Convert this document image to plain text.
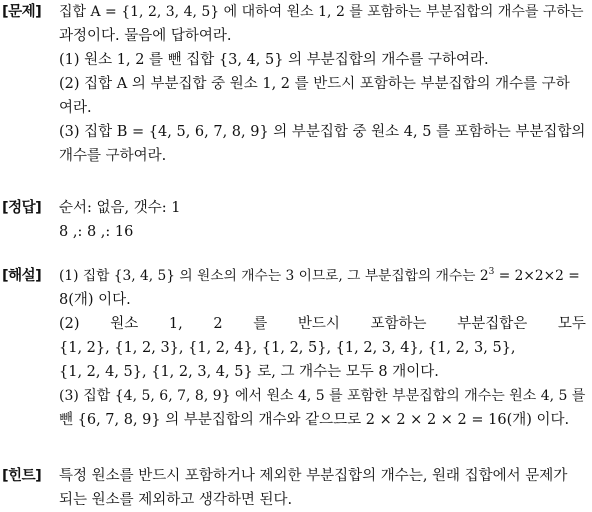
[문제] 집합 A = {1, 2, 3, 4, 5} 에 대하여 원소 1, 2 를 포함하는 부분집합의 개수를 구하는
과정이다. 물음에 답하여라.
(1) 원소 1, 2 를 뺀 집합 {3, 4, 5} 의 부분집합의 개수를 구하여라.
(2) 집합 A 의 부분집합 중 원소 1, 2 를 반드시 포함하는 부분집합의 개수를 구하
여라.
(3) 집합 B = {4, 5, 6, 7, 8, 9} 의 부분집합 중 원소 4, 5 를 포함하는 부분집합의
개수를 구하여라.
[정답] 순서: 없음, 갯수: 1
8 ,: 8 ,: 16
[해설] (1) 집합 {3, 4, 5} 의 원소의 개수는 3 이므로, 그 부분집합의 개수는 $2^3 = 2\times 2\times 2$ =
8(개) 이다.
(2) 원소 1, 2 를 반드시 포함하는 부분집합은 모두
{1, 2}, {1, 2, 3}, {1, 2, 4}, {1, 2, 5}, {1, 2, 3, 4}, {1, 2, 3, 5},
{1, 2, 4, 5}, {1, 2, 3, 4, 5} 로, 그 개수는 모두 8 개이다.
(3) 집합 {4, 5, 6, 7, 8, 9} 에서 원소 4, 5 를 포함한 부분집합의 개수는 원소 4, 5 를
뺀 {6, 7, 8, 9} 의 부분집합의 개수와 같으므로 2 × 2 × 2 × 2 = 16(개) 이다.
[힌트] 특정 원소를 반드시 포함하거나 제외한 부분집합의 개수는, 원래 집합에서 문제가
되는 원소를 제외하고 생각하면 된다.
